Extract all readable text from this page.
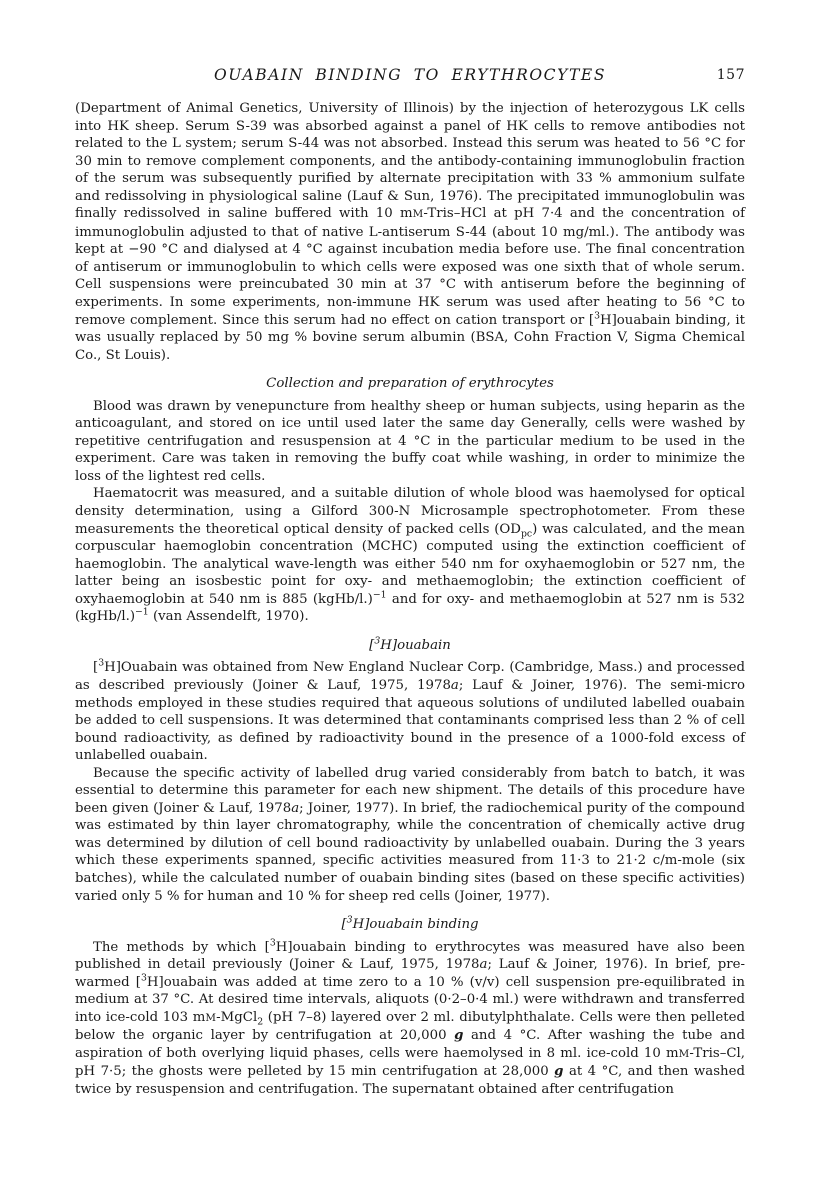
OUABAIN BINDING TO ERYTHROCYTES	157

(Department of Animal Genetics, University of Illinois) by the injection of heterozygous LK cells into HK sheep. Serum S-39 was absorbed against a panel of HK cells to remove antibodies not related to the L system; serum S-44 was not absorbed. Instead this serum was heated to 56 °C for 30 min to remove complement components, and the antibody-containing immunoglobulin fraction of the serum was subsequently purified by alternate precipitation with 33 % ammonium sulfate and redissolving in physiological saline (Lauf & Sun, 1976). The precipitated immunoglobulin was finally redissolved in saline buffered with 10 mM-Tris–HCl at pH 7·4 and the concentration of immunoglobulin adjusted to that of native L-antiserum S-44 (about 10 mg/ml.). The antibody was kept at −90 °C and dialysed at 4 °C against incubation media before use. The final concentration of antiserum or immunoglobulin to which cells were exposed was one sixth that of whole serum. Cell suspensions were preincubated 30 min at 37 °C with antiserum before the beginning of experiments. In some experiments, non-immune HK serum was used after heating to 56 °C to remove complement. Since this serum had no effect on cation transport or [$^3$H]ouabain binding, it was usually replaced by 50 mg % bovine serum albumin (BSA, Cohn Fraction V, Sigma Chemical Co., St Louis).

Collection and preparation of erythrocytes

Blood was drawn by venepuncture from healthy sheep or human subjects, using heparin as the anticoagulant, and stored on ice until used later the same day Generally, cells were washed by repetitive centrifugation and resuspension at 4 °C in the particular medium to be used in the experiment. Care was taken in removing the buffy coat while washing, in order to minimize the loss of the lightest red cells.

Haematocrit was measured, and a suitable dilution of whole blood was haemolysed for optical density determination, using a Gilford 300-N Microsample spectrophotometer. From these measurements the theoretical optical density of packed cells $(OD_{pc})$ was calculated, and the mean corpuscular haemoglobin concentration (MCHC) computed using the extinction coefficient of haemoglobin. The analytical wave-length was either 540 nm for oxyhaemoglobin or 527 nm, the latter being an isosbestic point for oxy- and methaemoglobin; the extinction coefficient of oxyhaemoglobin at 540 nm is 885 (kgHb/l.)$^{-1}$ and for oxy- and methaemoglobin at 527 nm is 532 (kgHb/l.)$^{-1}$ (van Assendelft, 1970).

[$^3$H]ouabain

[$^3$H]Ouabain was obtained from New England Nuclear Corp. (Cambridge, Mass.) and processed as described previously (Joiner & Lauf, 1975, 1978a; Lauf & Joiner, 1976). The semi-micro methods employed in these studies required that aqueous solutions of undiluted labelled ouabain be added to cell suspensions. It was determined that contaminants comprised less than 2 % of cell bound radioactivity, as defined by radioactivity bound in the presence of a 1000-fold excess of unlabelled ouabain.

Because the specific activity of labelled drug varied considerably from batch to batch, it was essential to determine this parameter for each new shipment. The details of this procedure have been given (Joiner & Lauf, 1978a; Joiner, 1977). In brief, the radiochemical purity of the compound was estimated by thin layer chromatography, while the concentration of chemically active drug was determined by dilution of cell bound radioactivity by unlabelled ouabain. During the 3 years which these experiments spanned, specific activities measured from 11·3 to 21·2 c/m-mole (six batches), while the calculated number of ouabain binding sites (based on these specific activities) varied only 5 % for human and 10 % for sheep red cells (Joiner, 1977).

[$^3$H]ouabain binding

The methods by which [$^3$H]ouabain binding to erythrocytes was measured have also been published in detail previously (Joiner & Lauf, 1975, 1978a; Lauf & Joiner, 1976). In brief, pre-warmed [$^3$H]ouabain was added at time zero to a 10 % (v/v) cell suspension pre-equilibrated in medium at 37 °C. At desired time intervals, aliquots (0·2–0·4 ml.) were withdrawn and transferred into ice-cold 103 mM-MgCl$_2$ (pH 7–8) layered over 2 ml. dibutylphthalate. Cells were then pelleted below the organic layer by centrifugation at 20,000 g and 4 °C. After washing the tube and aspiration of both overlying liquid phases, cells were haemolysed in 8 ml. ice-cold 10 mM-Tris–Cl, pH 7·5; the ghosts were pelleted by 15 min centrifugation at 28,000 g at 4 °C, and then washed twice by resuspension and centrifugation. The supernatant obtained after centrifugation
